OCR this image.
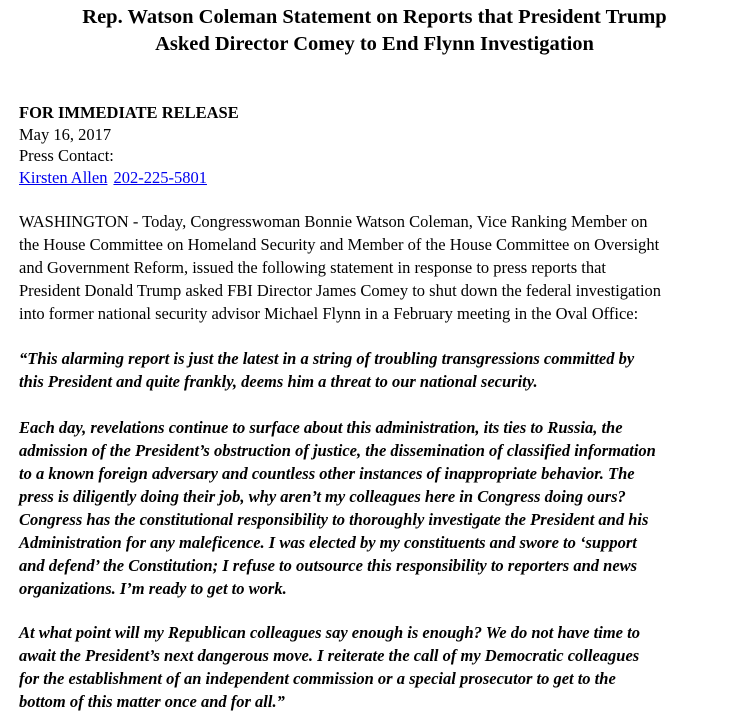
Rep. Watson Coleman Statement on Reports that President Trump
Asked Director Comey to End Flynn Investigation
FOR IMMEDIATE RELEASE
May 16, 2017
Press Contact:
Kirsten Allen 202-225-5801
WASHINGTON - Today, Congresswoman Bonnie Watson Coleman, Vice Ranking Member on
the House Committee on Homeland Security and Member of the House Committee on Oversight
and Government Reform, issued the following statement in response to press reports that
President Donald Trump asked FBI Director James Comey to shut down the federal investigation
into former national security advisor Michael Flynn in a February meeting in the Oval Office:
“This alarming report is just the latest in a string of troubling transgressions committed by
this President and quite frankly, deems him a threat to our national security.
Each day, revelations continue to surface about this administration, its ties to Russia, the
admission of the President’s obstruction of justice, the dissemination of classified information
to a known foreign adversary and countless other instances of inappropriate behavior. The
press is diligently doing their job, why aren’t my colleagues here in Congress doing ours?
Congress has the constitutional responsibility to thoroughly investigate the President and his
Administration for any maleficence. I was elected by my constituents and swore to ‘support
and defend’ the Constitution; I refuse to outsource this responsibility to reporters and news
organizations. I’m ready to get to work.
At what point will my Republican colleagues say enough is enough? We do not have time to
await the President’s next dangerous move. I reiterate the call of my Democratic colleagues
for the establishment of an independent commission or a special prosecutor to get to the
bottom of this matter once and for all.”
